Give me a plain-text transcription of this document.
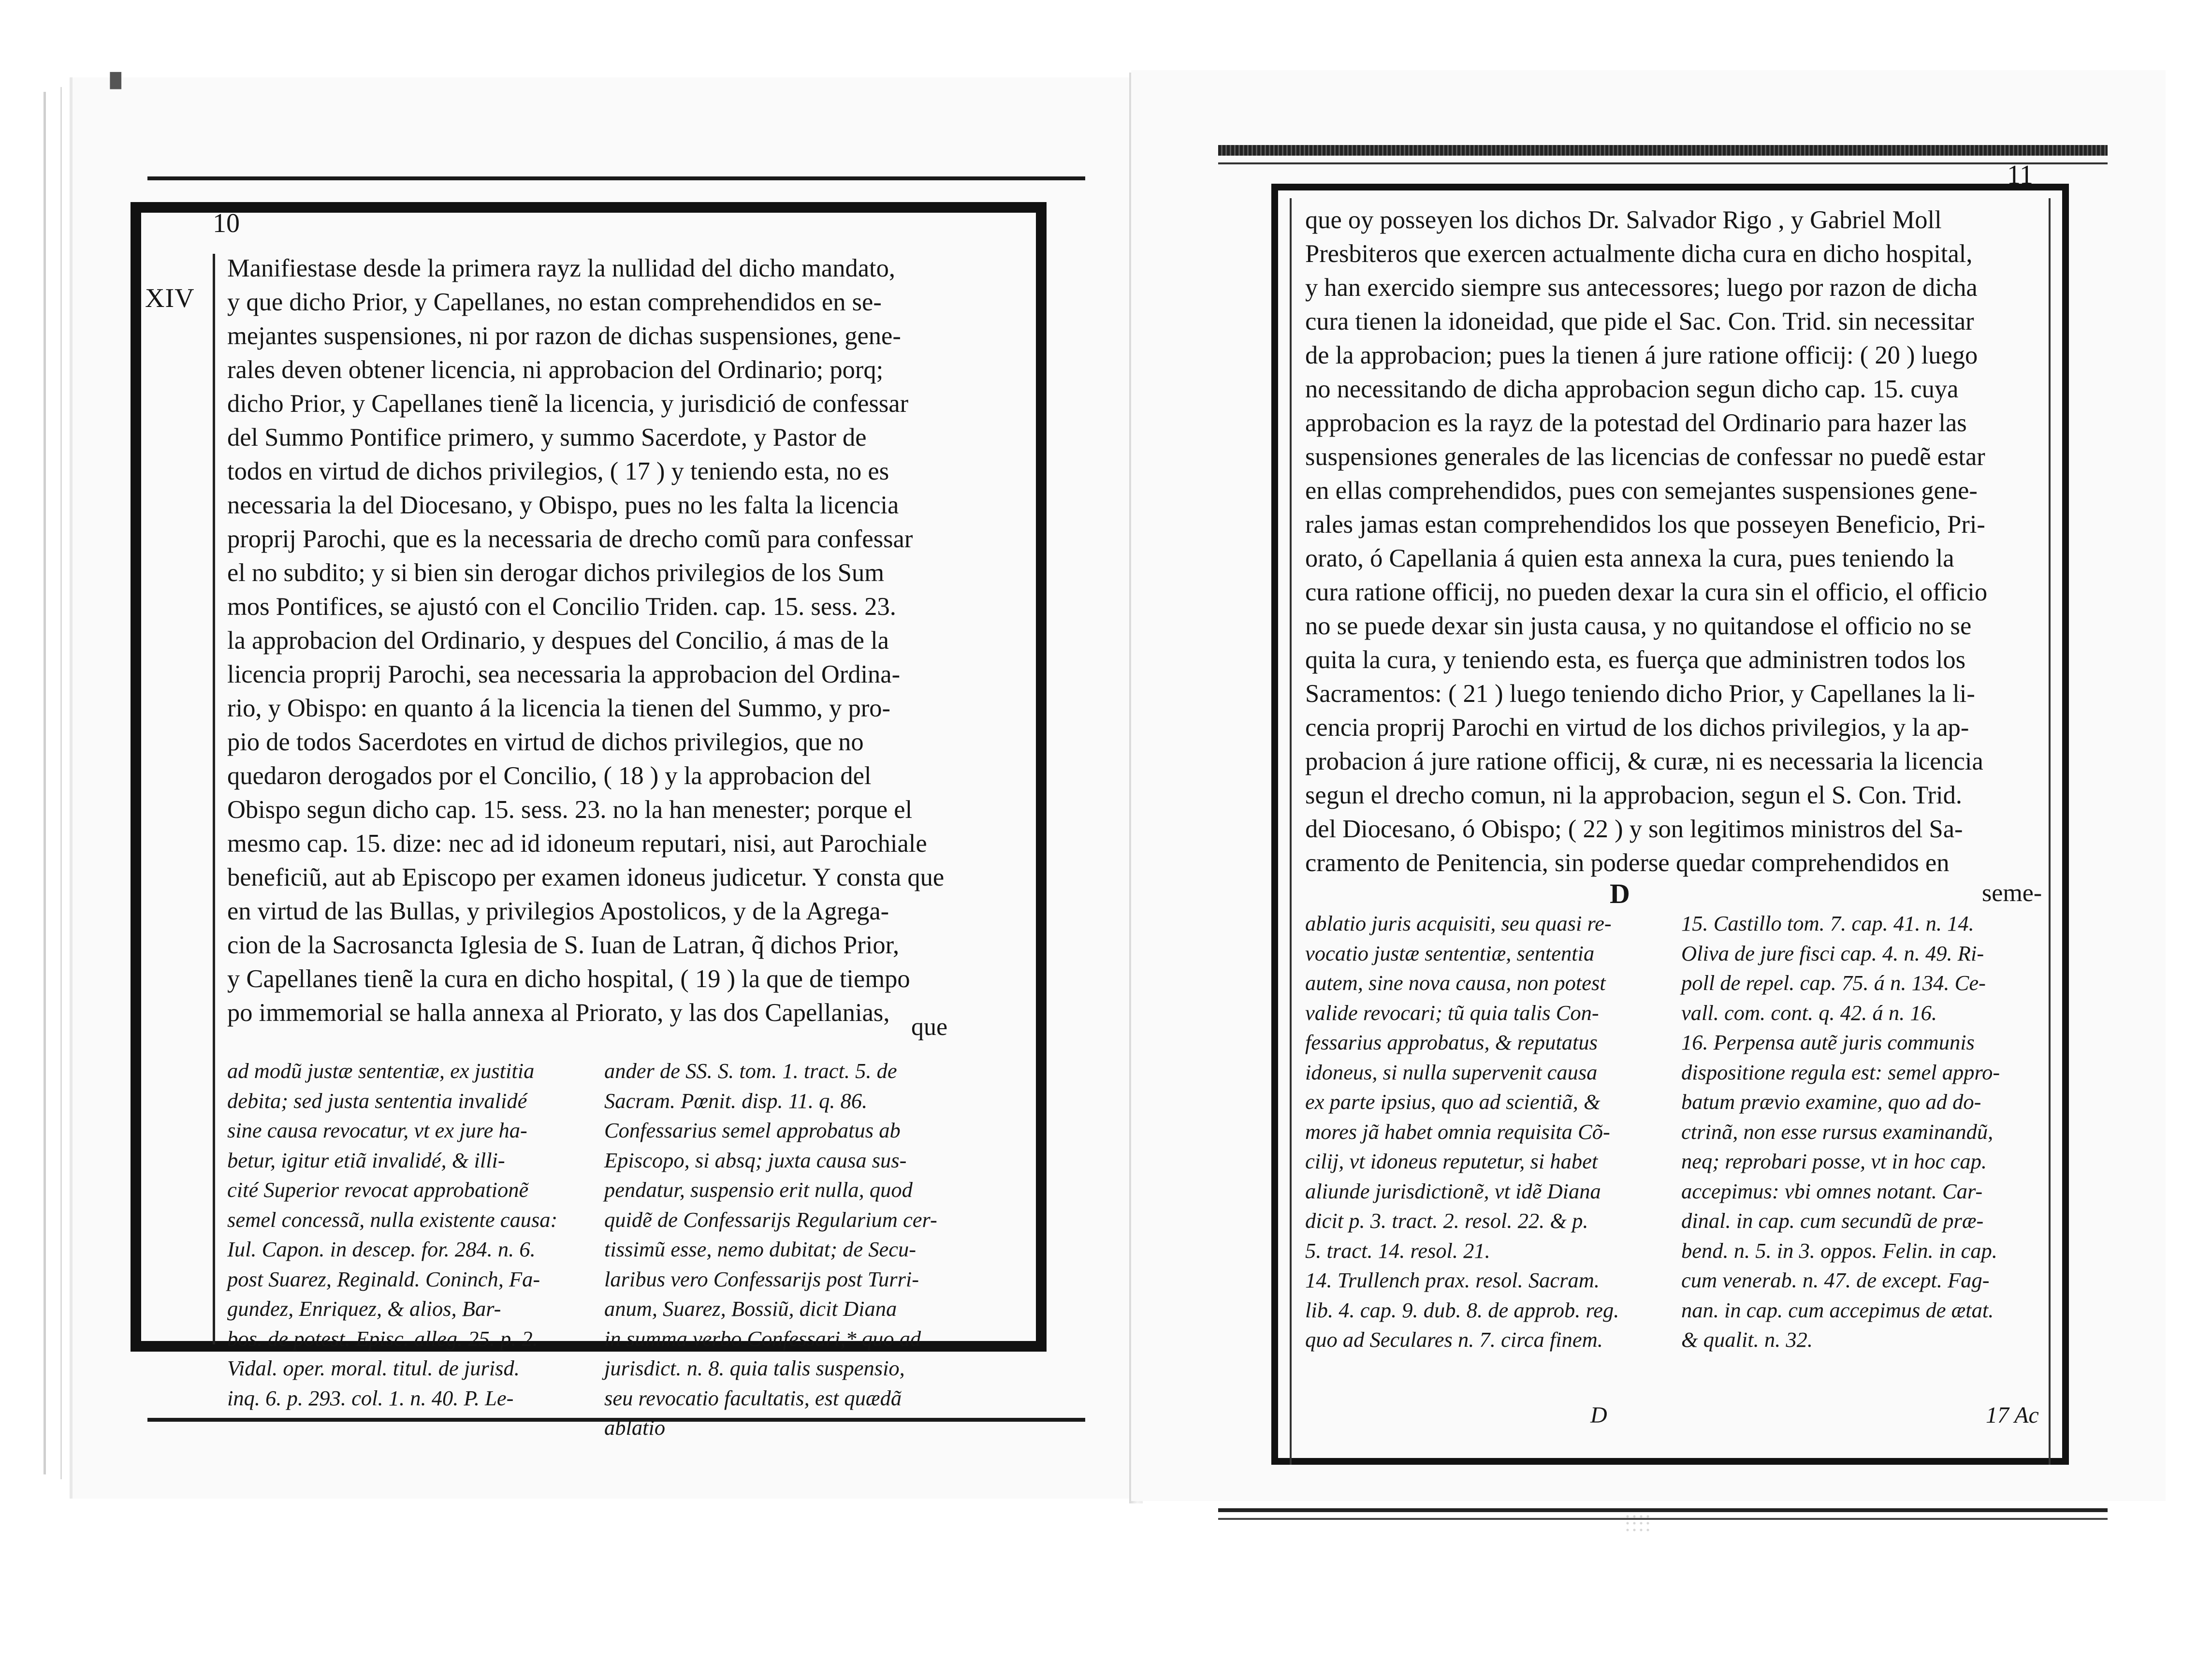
▘
10
XIV
Manifiestase desde la primera rayz la nullidad del dicho mandato,
y que dicho Prior, y Capellanes, no estan comprehendidos en se-
mejantes suspensiones, ni por razon de dichas suspensiones, gene-
rales deven obtener licencia, ni approbacion del Ordinario; porq;
dicho Prior, y Capellanes tienẽ la licencia, y jurisdició de confessar
del Summo Pontifice primero, y summo Sacerdote, y Pastor de
todos en virtud de dichos privilegios, ( 17 ) y teniendo esta, no es
necessaria la del Diocesano, y Obispo, pues no les falta la licencia
proprij Parochi, que es la necessaria de drecho comũ para confessar
el no subdito; y si bien sin derogar dichos privilegios de los Sum
mos Pontifices, se ajustó con el Concilio Triden. cap. 15. sess. 23.
la approbacion del Ordinario, y despues del Concilio, á mas de la
licencia proprij Parochi, sea necessaria la approbacion del Ordina-
rio, y Obispo: en quanto á la licencia la tienen del Summo, y pro-
pio de todos Sacerdotes en virtud de dichos privilegios, que no
quedaron derogados por el Concilio, ( 18 ) y la approbacion del
Obispo segun dicho cap. 15. sess. 23. no la han menester; porque el
mesmo cap. 15. dize: nec ad id idoneum reputari, nisi, aut Parochiale
beneficiũ, aut ab Episcopo per examen idoneus judicetur. Y consta que
en virtud de las Bullas, y privilegios Apostolicos, y de la Agrega-
cion de la Sacrosancta Iglesia de S. Iuan de Latran, q̃ dichos Prior,
y Capellanes tienẽ la cura en dicho hospital, ( 19 ) la que de tiempo
po immemorial se halla annexa al Priorato, y las dos Capellanias,
que
ad modũ justæ sententiæ, ex justitia
debita; sed justa sententia invalidé
sine causa revocatur, vt ex jure ha-
betur, igitur etiã invalidé, & illi-
cité Superior revocat approbationẽ
semel concessã, nulla existente causa:
Iul. Capon. in descep. for. 284. n. 6.
post Suarez, Reginald. Coninch, Fa-
gundez, Enriquez, & alios, Bar-
bos. de potest. Episc. alleg. 25. p. 2.
Vidal. oper. moral. titul. de jurisd.
inq. 6. p. 293. col. 1. n. 40. P. Le-
ander de SS. S. tom. 1. tract. 5. de
Sacram. Pœnit. disp. 11. q. 86.
Confessarius semel approbatus ab
Episcopo, si absq; juxta causa sus-
pendatur, suspensio erit nulla, quod
quidẽ de Confessarijs Regularium cer-
tissimũ esse, nemo dubitat; de Secu-
laribus vero Confessarijs post Turri-
anum, Suarez, Bossiũ, dicit Diana
in summa verbo Confessari,* quo ad
jurisdict. n. 8. quia talis suspensio,
seu revocatio facultatis, est quædã
ablatio
11
que oy posseyen los dichos Dr. Salvador Rigo , y Gabriel Moll
Presbiteros que exercen actualmente dicha cura en dicho hospital,
y han exercido siempre sus antecessores; luego por razon de dicha
cura tienen la idoneidad, que pide el Sac. Con. Trid. sin necessitar
de la approbacion; pues la tienen á jure ratione officij: ( 20 ) luego
no necessitando de dicha approbacion segun dicho cap. 15. cuya
approbacion es la rayz de la potestad del Ordinario para hazer las
suspensiones generales de las licencias de confessar no puedẽ estar
en ellas comprehendidos, pues con semejantes suspensiones gene-
rales jamas estan comprehendidos los que posseyen Beneficio, Pri-
orato, ó Capellania á quien esta annexa la cura, pues teniendo la
cura ratione officij, no pueden dexar la cura sin el officio, el officio
no se puede dexar sin justa causa, y no quitandose el officio no se
quita la cura, y teniendo esta, es fuerça que administren todos los
Sacramentos: ( 21 ) luego teniendo dicho Prior, y Capellanes la li-
cencia proprij Parochi en virtud de los dichos privilegios, y la ap-
probacion á jure ratione officij, & curæ, ni es necessaria la licencia
segun el drecho comun, ni la approbacion, segun el S. Con. Trid.
del Diocesano, ó Obispo; ( 22 ) y son legitimos ministros del Sa-
cramento de Penitencia, sin poderse quedar comprehendidos en
D	seme-
ablatio juris acquisiti, seu quasi re-
vocatio justæ sententiæ, sententia
autem, sine nova causa, non potest
valide revocari; tũ quia talis Con-
fessarius approbatus, & reputatus
idoneus, si nulla supervenit causa
ex parte ipsius, quo ad scientiã, &
mores jã habet omnia requisita Cõ-
cilij, vt idoneus reputetur, si habet
aliunde jurisdictionẽ, vt idẽ Diana
dicit p. 3. tract. 2. resol. 22. & p.
5. tract. 14. resol. 21.
14. Trullench prax. resol. Sacram.
lib. 4. cap. 9. dub. 8. de approb. reg.
quo ad Seculares n. 7. circa finem.
15. Castillo tom. 7. cap. 41. n. 14.
Oliva de jure fisci cap. 4. n. 49. Ri-
poll de repel. cap. 75. á n. 134. Ce-
vall. com. cont. q. 42. á n. 16.
16. Perpensa autẽ juris communis
dispositione regula est: semel appro-
batum prævio examine, quo ad do-
ctrinã, non esse rursus examinandũ,
neq; reprobari posse, vt in hoc cap.
accepimus: vbi omnes notant. Car-
dinal. in cap. cum secundũ de præ-
bend. n. 5. in 3. oppos. Felin. in cap.
cum venerab. n. 47. de except. Fag-
nan. in cap. cum accepimus de ætat.
& qualit. n. 32.
D	17 Ac
